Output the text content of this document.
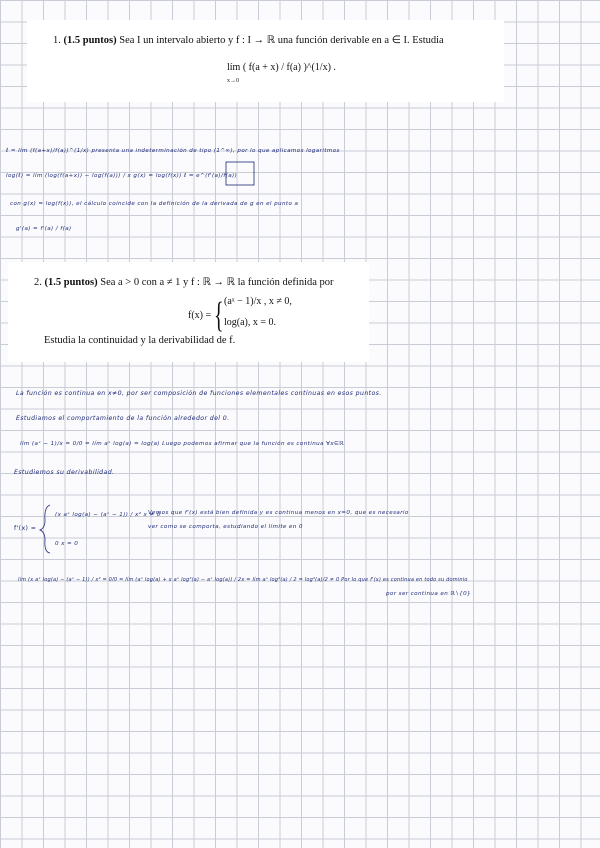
1. (1.5 puntos) Sea I un intervalo abierto y f : I → ℝ una función derivable en a ∈ I. Estudia
lím ( f(a + x) / f(a) )^(1/x) .
x→0
ℓ = lím (f(a+x)/f(a))^(1/x) presenta una indeterminación de tipo (1^∞), por lo que aplicamos logaritmos
log(ℓ) = lím (log(f(a+x)) − log(f(a))) / x g(x) = log(f(x)) ℓ = e^(f'(a)/f(a))
con g(x) = log(f(x)), el cálculo coincide con la definición de la derivada de g en el punto a
g'(a) = f'(a) / f(a)
2. (1.5 puntos) Sea a > 0 con a ≠ 1 y f : ℝ → ℝ la función definida por
f(x) = { (aˣ − 1)/x , x ≠ 0,
log(a), x = 0.
Estudia la continuidad y la derivabilidad de f.
La función es continua en x≠0, por ser composición de funciones elementales continuas en esos puntos.
Estudiamos el comportamiento de la función alrededor del 0.
lím (aˣ − 1)/x = 0/0 = lím aˣ log(a) = log(a) Luego podemos afirmar que la función es continua ∀x∈ℝ
Estudiemos su derivabilidad.
f'(x) =
(x aˣ log(a) − (aˣ − 1)) / x² x ≠ 0
0 x = 0
Vemos que f'(x) está bien definida y es continua menos en x=0, que es necesario
ver como se comporta, estudiando el límite en 0
lím (x aˣ log(a) − (aˣ − 1)) / x² = 0/0 = lím (aˣ log(a) + x aˣ log²(a) − aˣ log(a)) / 2x = lím aˣ log²(a) / 2 = log²(a)/2 ≠ 0 Por lo que f'(x) es continua en todo su dominio
por ser continua en ℝ∖{0}
